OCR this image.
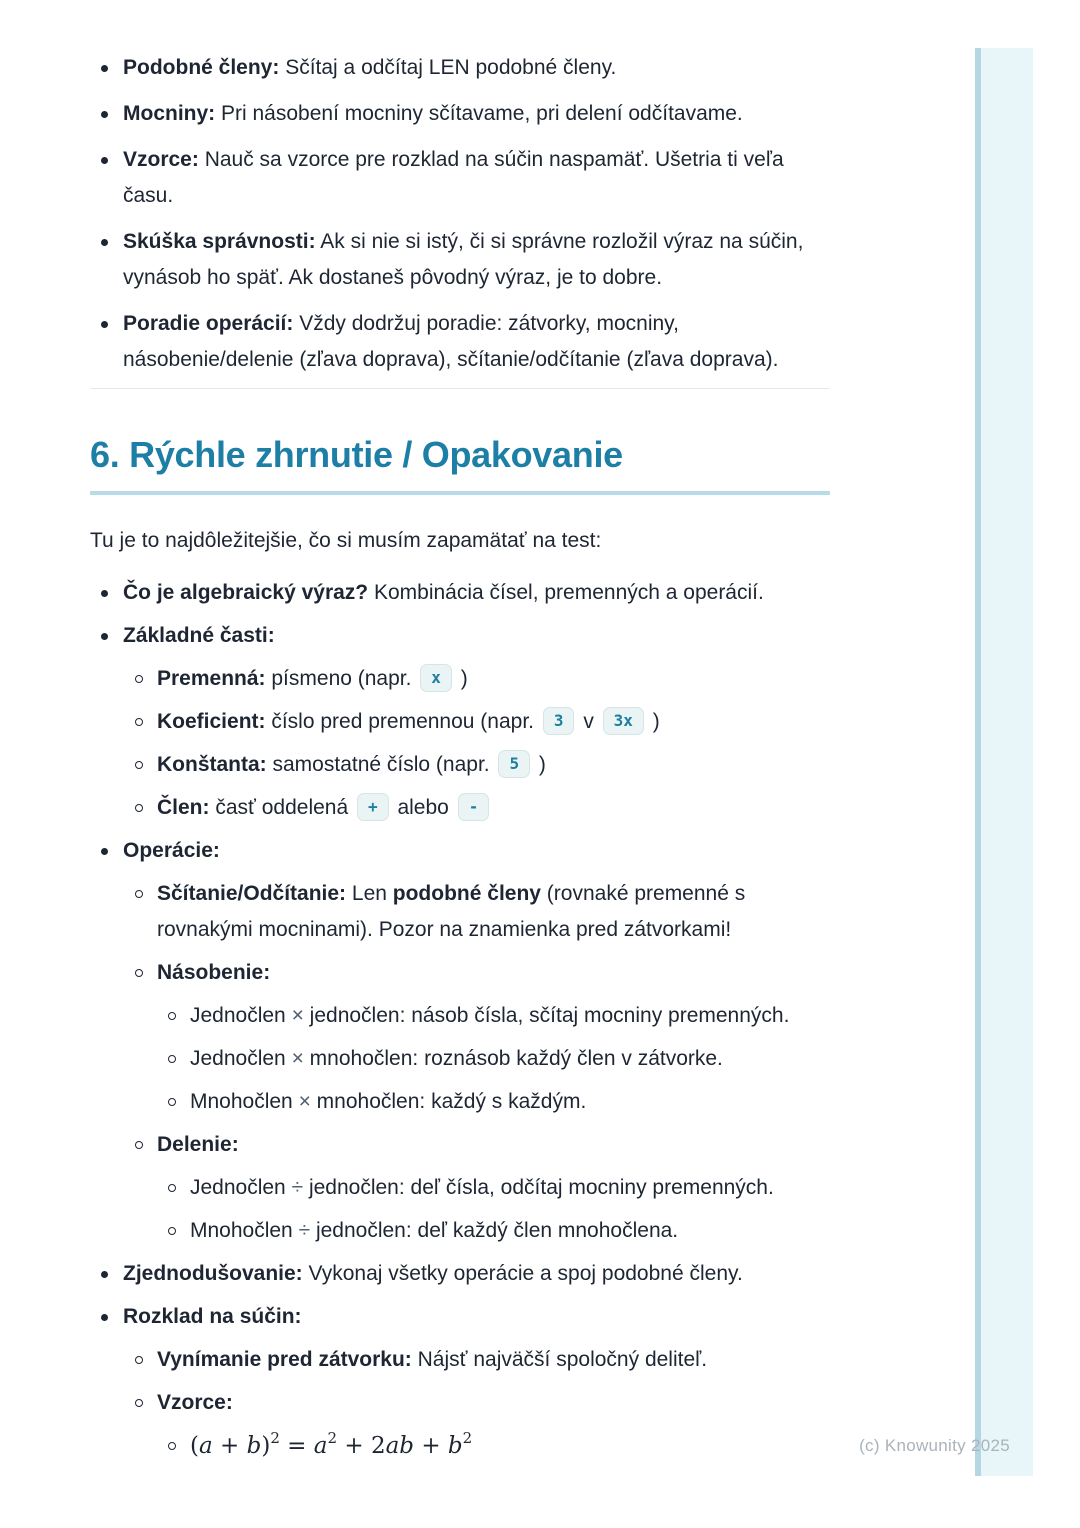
Podobné členy: Sčítaj a odčítaj LEN podobné členy.
Mocniny: Pri násobení mocniny sčítavame, pri delení odčítavame.
Vzorce: Nauč sa vzorce pre rozklad na súčin naspamäť. Ušetria ti veľa
času.
Skúška správnosti: Ak si nie si istý, či si správne rozložil výraz na súčin,
vynásob ho späť. Ak dostaneš pôvodný výraz, je to dobre.
Poradie operácií: Vždy dodržuj poradie: zátvorky, mocniny,
násobenie/delenie (zľava doprava), sčítanie/odčítanie (zľava doprava).
6. Rýchle zhrnutie / Opakovanie

Tu je to najdôležitejšie, čo si musím zapamätať na test:

Čo je algebraický výraz? Kombinácia čísel, premenných a operácií.
Základné časti:
Premenná: písmeno (napr. x )
Koeficient: číslo pred premennou (napr. 3 v 3x )
Konštanta: samostatné číslo (napr. 5 )
Člen: časť oddelená + alebo -
Operácie:
Sčítanie/Odčítanie: Len podobné členy (rovnaké premenné s
rovnakými mocninami). Pozor na znamienka pred zátvorkami!
Násobenie:
Jednočlen × jednočlen: násob čísla, sčítaj mocniny premenných.
Jednočlen × mnohočlen: roznásob každý člen v zátvorke.
Mnohočlen × mnohočlen: každý s každým.
Delenie:
Jednočlen ÷ jednočlen: deľ čísla, odčítaj mocniny premenných.
Mnohočlen ÷ jednočlen: deľ každý člen mnohočlena.
Zjednodušovanie: Vykonaj všetky operácie a spoj podobné členy.
Rozklad na súčin:
Vynímanie pred zátvorku: Nájsť najväčší spoločný deliteľ.
Vzorce:
$(a + b)^2 = a^2 + 2ab + b^2$	(c) Knowunity 2025
